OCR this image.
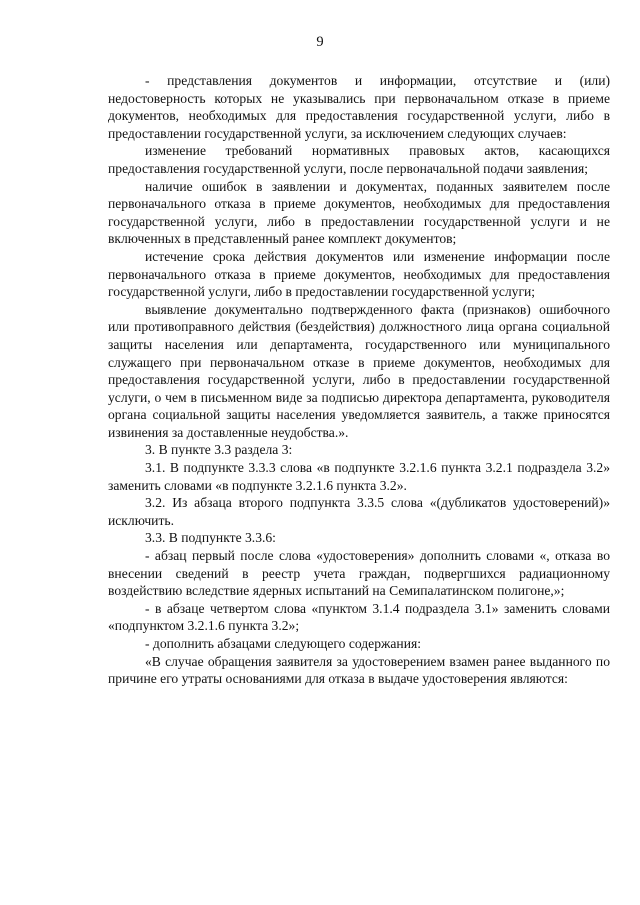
9

- представления документов и информации, отсутствие и (или) недостоверность которых не указывались при первоначальном отказе в приеме документов, необходимых для предоставления государственной услуги, либо в предоставлении государственной услуги, за исключением следующих случаев:

изменение требований нормативных правовых актов, касающихся предоставления государственной услуги, после первоначальной подачи заявления;

наличие ошибок в заявлении и документах, поданных заявителем после первоначального отказа в приеме документов, необходимых для предоставления государственной услуги, либо в предоставлении государственной услуги и не включенных в представленный ранее комплект документов;

истечение срока действия документов или изменение информации после первоначального отказа в приеме документов, необходимых для предоставления государственной услуги, либо в предоставлении государственной услуги;

выявление документально подтвержденного факта (признаков) ошибочного или противоправного действия (бездействия) должностного лица органа социальной защиты населения или департамента, государственного или муниципального служащего при первоначальном отказе в приеме документов, необходимых для предоставления государственной услуги, либо в предоставлении государственной услуги, о чем в письменном виде за подписью директора департамента, руководителя органа социальной защиты населения уведомляется заявитель, а также приносятся извинения за доставленные неудобства.».

3. В пункте 3.3 раздела 3:

3.1. В подпункте 3.3.3 слова «в подпункте 3.2.1.6 пункта 3.2.1 подраздела 3.2» заменить словами «в подпункте 3.2.1.6 пункта 3.2».

3.2. Из абзаца второго подпункта 3.3.5 слова «(дубликатов удостоверений)» исключить.

3.3. В подпункте 3.3.6:

- абзац первый после слова «удостоверения» дополнить словами «, отказа во внесении сведений в реестр учета граждан, подвергшихся радиационному воздействию вследствие ядерных испытаний на Семипалатинском полигоне,»;

- в абзаце четвертом слова «пунктом 3.1.4 подраздела 3.1» заменить словами «подпунктом 3.2.1.6 пункта 3.2»;

- дополнить абзацами следующего содержания:

«В случае обращения заявителя за удостоверением взамен ранее выданного по причине его утраты основаниями для отказа в выдаче удостоверения являются:
